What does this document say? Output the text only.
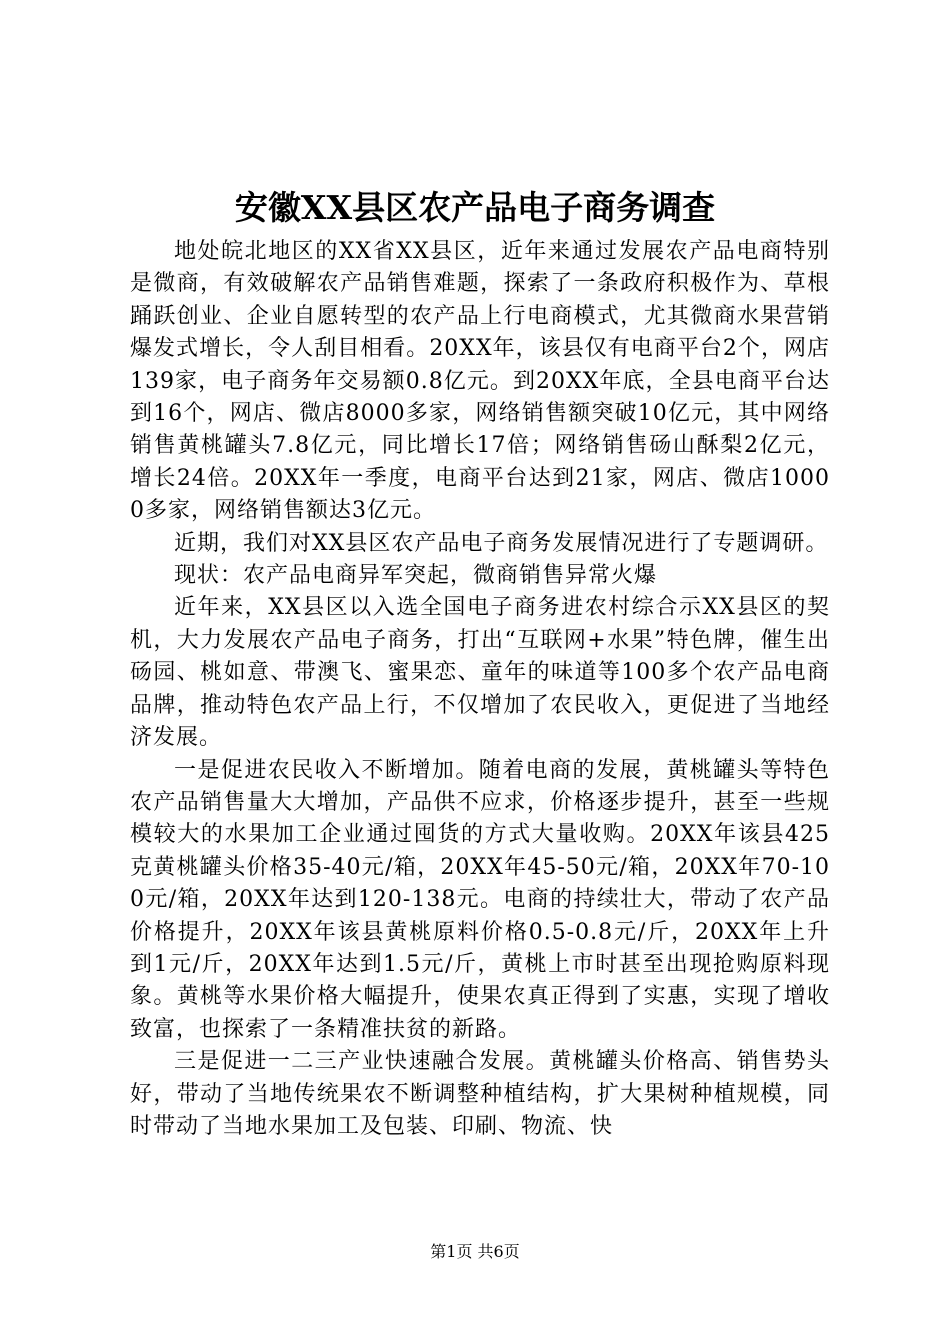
安徽XX县区农产品电子商务调查

地处皖北地区的XX省XX县区，近年来通过发展农产品电商特别是微商，有效破解农产品销售难题，探索了一条政府积极作为、草根踊跃创业、企业自愿转型的农产品上行电商模式，尤其微商水果营销爆发式增长，令人刮目相看。20XX年，该县仅有电商平台2个，网店139家，电子商务年交易额0.8亿元。到20XX年底，全县电商平台达到16个，网店、微店8000多家，网络销售额突破10亿元，其中网络销售黄桃罐头7.8亿元，同比增长17倍；网络销售砀山酥梨2亿元，增长24倍。20XX年一季度，电商平台达到21家，网店、微店10000多家，网络销售额达3亿元。

近期，我们对XX县区农产品电子商务发展情况进行了专题调研。

现状：农产品电商异军突起，微商销售异常火爆

近年来，XX县区以入选全国电子商务进农村综合示XX县区的契机，大力发展农产品电子商务，打出“互联网+水果”特色牌，催生出砀园、桃如意、带澳飞、蜜果恋、童年的味道等100多个农产品电商品牌，推动特色农产品上行，不仅增加了农民收入，更促进了当地经济发展。

一是促进农民收入不断增加。随着电商的发展，黄桃罐头等特色农产品销售量大大增加，产品供不应求，价格逐步提升，甚至一些规模较大的水果加工企业通过囤货的方式大量收购。20XX年该县425克黄桃罐头价格35-40元/箱，20XX年45-50元/箱，20XX年70-100元/箱，20XX年达到120-138元。电商的持续壮大，带动了农产品价格提升，20XX年该县黄桃原料价格0.5-0.8元/斤，20XX年上升到1元/斤，20XX年达到1.5元/斤，黄桃上市时甚至出现抢购原料现象。黄桃等水果价格大幅提升，使果农真正得到了实惠，实现了增收致富，也探索了一条精准扶贫的新路。

三是促进一二三产业快速融合发展。黄桃罐头价格高、销售势头好，带动了当地传统果农不断调整种植结构，扩大果树种植规模，同时带动了当地水果加工及包装、印刷、物流、快

第1页 共6页
